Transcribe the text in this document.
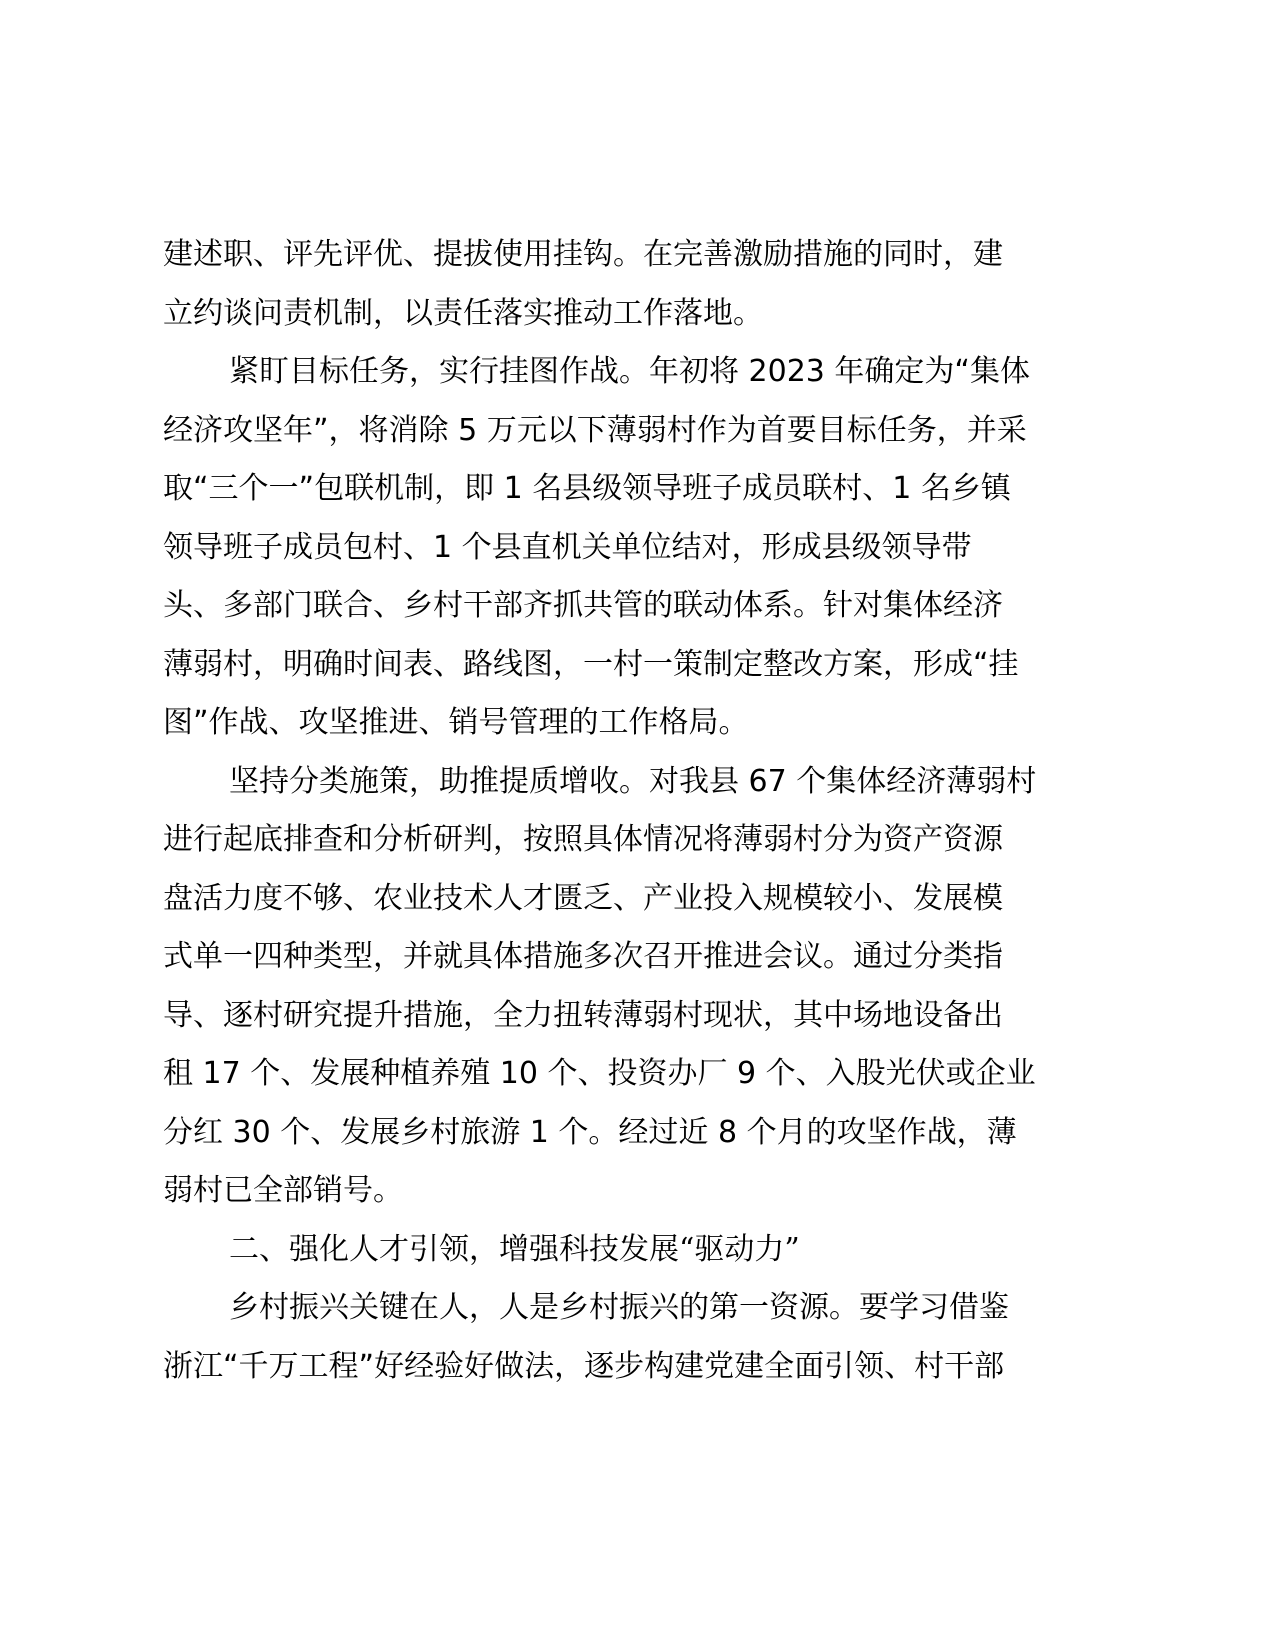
建述职、评先评优、提拔使用挂钩。在完善激励措施的同时，建
立约谈问责机制，以责任落实推动工作落地。
紧盯目标任务，实行挂图作战。年初将 2023 年确定为“集体
经济攻坚年”，将消除 5 万元以下薄弱村作为首要目标任务，并采
取“三个一”包联机制，即 1 名县级领导班子成员联村、1 名乡镇
领导班子成员包村、1 个县直机关单位结对，形成县级领导带
头、多部门联合、乡村干部齐抓共管的联动体系。针对集体经济
薄弱村，明确时间表、路线图，一村一策制定整改方案，形成“挂
图”作战、攻坚推进、销号管理的工作格局。
坚持分类施策，助推提质增收。对我县 67 个集体经济薄弱村
进行起底排查和分析研判，按照具体情况将薄弱村分为资产资源
盘活力度不够、农业技术人才匮乏、产业投入规模较小、发展模
式单一四种类型，并就具体措施多次召开推进会议。通过分类指
导、逐村研究提升措施，全力扭转薄弱村现状，其中场地设备出
租 17 个、发展种植养殖 10 个、投资办厂 9 个、入股光伏或企业
分红 30 个、发展乡村旅游 1 个。经过近 8 个月的攻坚作战，薄
弱村已全部销号。
二、强化人才引领，增强科技发展“驱动力”
乡村振兴关键在人，人是乡村振兴的第一资源。要学习借鉴
浙江“千万工程”好经验好做法，逐步构建党建全面引领、村干部
